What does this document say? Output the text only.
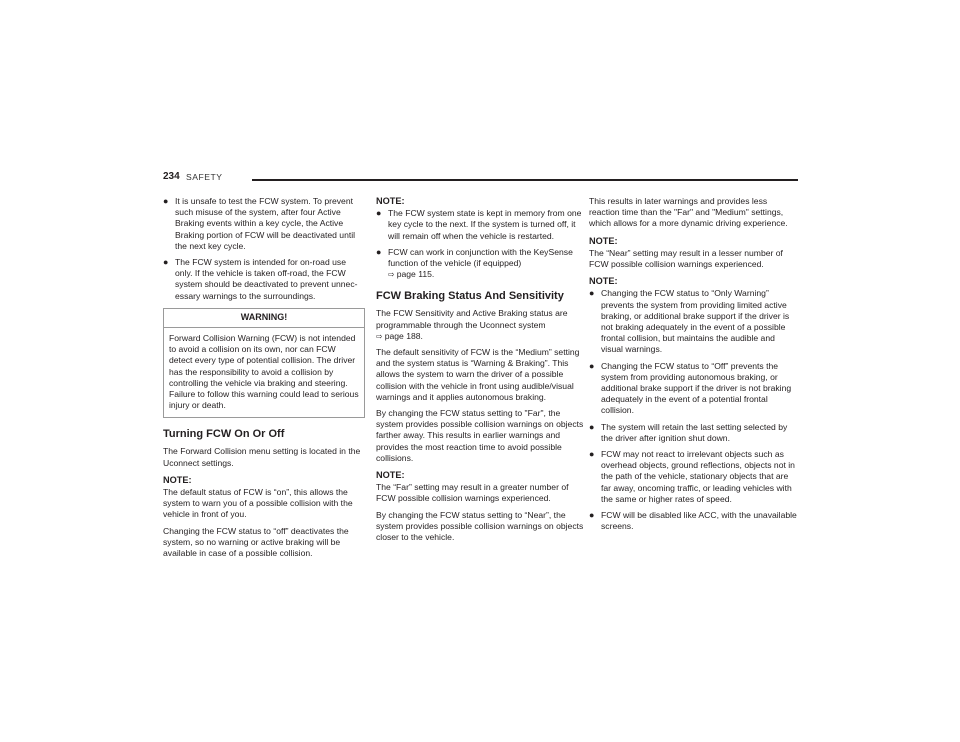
234 SAFETY
● It is unsafe to test the FCW system. To prevent such misuse of the system, after four Active Braking events within a key cycle, the Active Braking portion of FCW will be deactivated until the next key cycle.
● The FCW system is intended for on-road use only. If the vehicle is taken off-road, the FCW system should be deactivated to prevent unnec-essary warnings to the surroundings.
WARNING!
Forward Collision Warning (FCW) is not intended to avoid a collision on its own, nor can FCW detect every type of potential collision. The driver has the responsibility to avoid a collision by controlling the vehicle via braking and steering. Failure to follow this warning could lead to serious injury or death.
Turning FCW On Or Off

The Forward Collision menu setting is located in the Uconnect settings.

NOTE:

The default status of FCW is “on”, this allows the system to warn you of a possible collision with the vehicle in front of you.

Changing the FCW status to “off” deactivates the system, so no warning or active braking will be available in case of a possible collision.

NOTE:
● The FCW system state is kept in memory from one key cycle to the next. If the system is turned off, it will remain off when the vehicle is restarted.
● FCW can work in conjunction with the KeySense function of the vehicle (if equipped)
⇨ page 115.
FCW Braking Status And Sensitivity

The FCW Sensitivity and Active Braking status are programmable through the Uconnect system
⇨ page 188.

The default sensitivity of FCW is the “Medium” setting and the system status is “Warning & Braking”. This allows the system to warn the driver of a possible collision with the vehicle in front using audible/visual warnings and it applies autonomous braking.

By changing the FCW status setting to "Far", the system provides possible collision warnings on objects farther away. This results in earlier warnings and provides the most reaction time to avoid possible collisions.

NOTE:

The “Far” setting may result in a greater number of FCW possible collision warnings experienced.

By changing the FCW status setting to “Near”, the system provides possible collision warnings on objects closer to the vehicle.

This results in later warnings and provides less reaction time than the "Far" and "Medium" settings, which allows for a more dynamic driving experience.

NOTE:

The “Near” setting may result in a lesser number of FCW possible collision warnings experienced.

NOTE:
● Changing the FCW status to “Only Warning” prevents the system from providing limited active braking, or additional brake support if the driver is not braking adequately in the event of a possible frontal collision, but maintains the audible and visual warnings.
● Changing the FCW status to “Off” prevents the system from providing autonomous braking, or additional brake support if the driver is not braking adequately in the event of a potential frontal collision.
● The system will retain the last setting selected by the driver after ignition shut down.
● FCW may not react to irrelevant objects such as overhead objects, ground reflections, objects not in the path of the vehicle, stationary objects that are far away, oncoming traffic, or leading vehicles with the same or higher rates of speed.
● FCW will be disabled like ACC, with the unavailable screens.
